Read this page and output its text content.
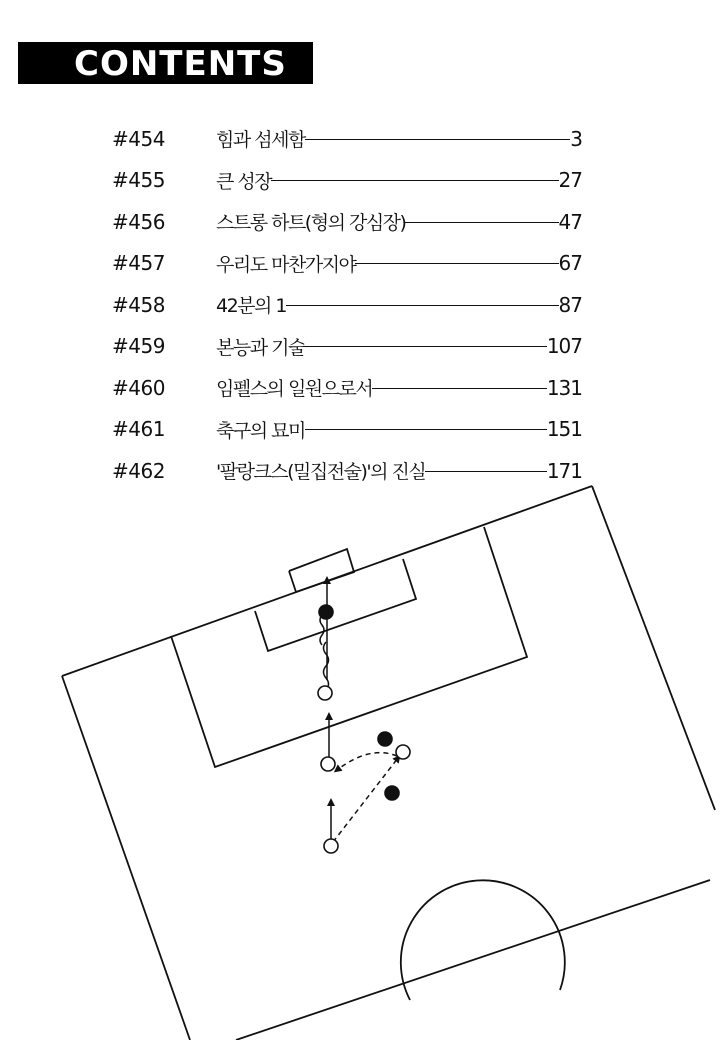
CONTENTS
#454	힘과 섬세함	3
#455	큰 성장	27
#456	스트롱 하트(형의 강심장)	47
#457	우리도 마찬가지야	67
#458	42분의 1	87
#459	본능과 기술	107
#460	임펠스의 일원으로서	131
#461	축구의 묘미	151
#462	'팔랑크스(밀집전술)'의 진실	171
